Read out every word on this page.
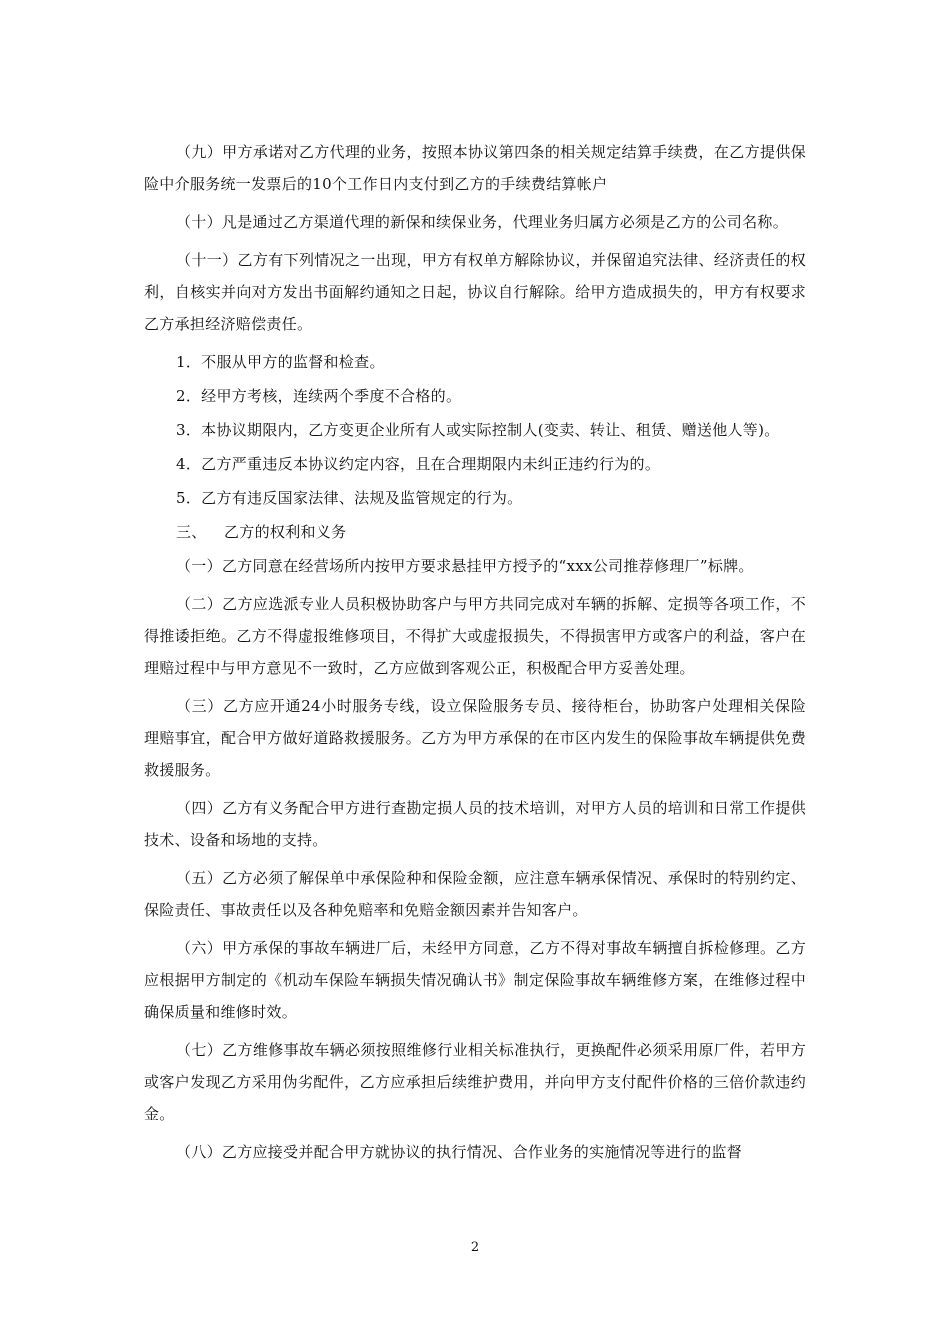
（九）甲方承诺对乙方代理的业务，按照本协议第四条的相关规定结算手续费，在乙方提供保险中介服务统一发票后的10个工作日内支付到乙方的手续费结算帐户

（十）凡是通过乙方渠道代理的新保和续保业务，代理业务归属方必须是乙方的公司名称。

（十一）乙方有下列情况之一出现，甲方有权单方解除协议，并保留追究法律、经济责任的权利，自核实并向对方发出书面解约通知之日起，协议自行解除。给甲方造成损失的，甲方有权要求乙方承担经济赔偿责任。

1．不服从甲方的监督和检查。

2．经甲方考核，连续两个季度不合格的。

3．本协议期限内，乙方变更企业所有人或实际控制人(变卖、转让、租赁、赠送他人等)。

4．乙方严重违反本协议约定内容，且在合理期限内未纠正违约行为的。

5．乙方有违反国家法律、法规及监管规定的行为。

三、 乙方的权利和义务

（一）乙方同意在经营场所内按甲方要求悬挂甲方授予的“xxx公司推荐修理厂”标牌。

（二）乙方应选派专业人员积极协助客户与甲方共同完成对车辆的拆解、定损等各项工作，不得推诿拒绝。乙方不得虚报维修项目，不得扩大或虚报损失，不得损害甲方或客户的利益，客户在理赔过程中与甲方意见不一致时，乙方应做到客观公正，积极配合甲方妥善处理。

（三）乙方应开通24小时服务专线，设立保险服务专员、接待柜台，协助客户处理相关保险理赔事宜，配合甲方做好道路救援服务。乙方为甲方承保的在市区内发生的保险事故车辆提供免费救援服务。

（四）乙方有义务配合甲方进行查勘定损人员的技术培训，对甲方人员的培训和日常工作提供技术、设备和场地的支持。

（五）乙方必须了解保单中承保险种和保险金额，应注意车辆承保情况、承保时的特别约定、保险责任、事故责任以及各种免赔率和免赔金额因素并告知客户。

（六）甲方承保的事故车辆进厂后，未经甲方同意，乙方不得对事故车辆擅自拆检修理。乙方应根据甲方制定的《机动车保险车辆损失情况确认书》制定保险事故车辆维修方案，在维修过程中确保质量和维修时效。

（七）乙方维修事故车辆必须按照维修行业相关标准执行，更换配件必须采用原厂件，若甲方或客户发现乙方采用伪劣配件，乙方应承担后续维护费用，并向甲方支付配件价格的三倍价款违约金。

（八）乙方应接受并配合甲方就协议的执行情况、合作业务的实施情况等进行的监督

2
